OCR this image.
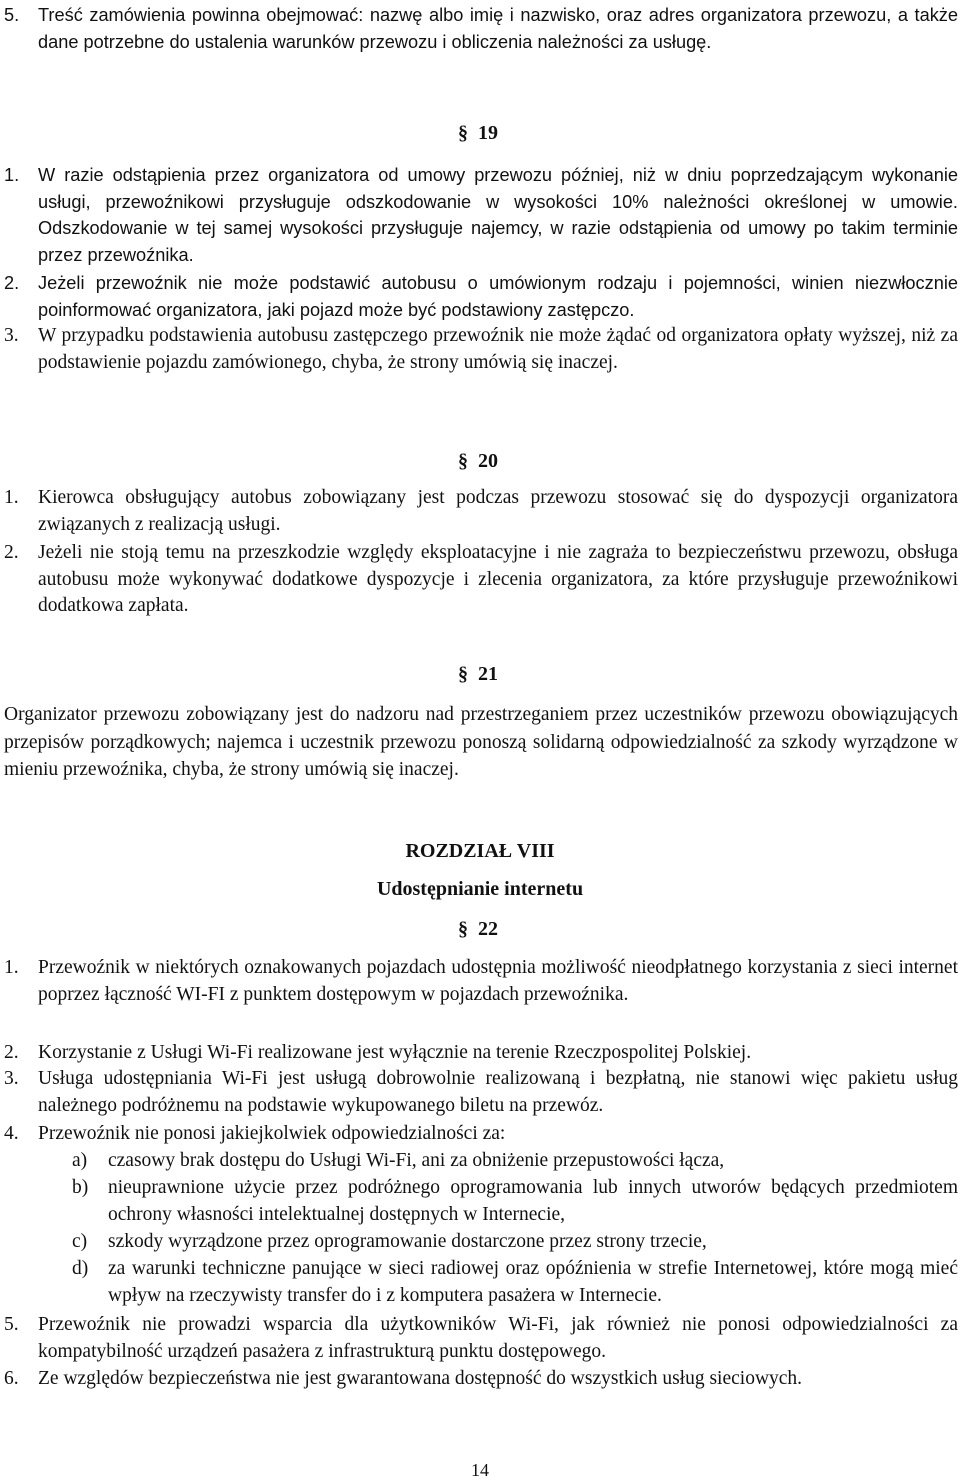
5. Treść zamówienia powinna obejmować: nazwę albo imię i nazwisko, oraz adres organizatora przewozu, a także dane potrzebne do ustalenia warunków przewozu i obliczenia należności za usługę.
§ 19
1. W razie odstąpienia przez organizatora od umowy przewozu później, niż w dniu poprzedzającym wykonanie usługi, przewoźnikowi przysługuje odszkodowanie w wysokości 10% należności określonej w umowie. Odszkodowanie w tej samej wysokości przysługuje najemcy, w razie odstąpienia od umowy po takim terminie przez przewoźnika.
2. Jeżeli przewoźnik nie może podstawić autobusu o umówionym rodzaju i pojemności, winien niezwłocznie poinformować organizatora, jaki pojazd może być podstawiony zastępczo.
3. W przypadku podstawienia autobusu zastępczego przewoźnik nie może żądać od organizatora opłaty wyższej, niż za podstawienie pojazdu zamówionego, chyba, że strony umówią się inaczej.
§ 20
1. Kierowca obsługujący autobus zobowiązany jest podczas przewozu stosować się do dyspozycji organizatora związanych z realizacją usługi.
2. Jeżeli nie stoją temu na przeszkodzie względy eksploatacyjne i nie zagraża to bezpieczeństwu przewozu, obsługa autobusu może wykonywać dodatkowe dyspozycje i zlecenia organizatora, za które przysługuje przewoźnikowi dodatkowa zapłata.
§ 21
Organizator przewozu zobowiązany jest do nadzoru nad przestrzeganiem przez uczestników przewozu obowiązujących przepisów porządkowych; najemca i uczestnik przewozu ponoszą solidarną odpowiedzialność za szkody wyrządzone w mieniu przewoźnika, chyba, że strony umówią się inaczej.
ROZDZIAŁ VIII
Udostępnianie internetu
§ 22
1. Przewoźnik w niektórych oznakowanych pojazdach udostępnia możliwość nieodpłatnego korzystania z sieci internet poprzez łączność WI-FI z punktem dostępowym w pojazdach przewoźnika.
2. Korzystanie z Usługi Wi-Fi realizowane jest wyłącznie na terenie Rzeczpospolitej Polskiej.
3. Usługa udostępniania Wi-Fi jest usługą dobrowolnie realizowaną i bezpłatną, nie stanowi więc pakietu usług należnego podróżnemu na podstawie wykupowanego biletu na przewóz.
4. Przewoźnik nie ponosi jakiejkolwiek odpowiedzialności za:
a) czasowy brak dostępu do Usługi Wi-Fi, ani za obniżenie przepustowości łącza,
b) nieuprawnione użycie przez podróżnego oprogramowania lub innych utworów będących przedmiotem ochrony własności intelektualnej dostępnych w Internecie,
c) szkody wyrządzone przez oprogramowanie dostarczone przez strony trzecie,
d) za warunki techniczne panujące w sieci radiowej oraz opóźnienia w strefie Internetowej, które mogą mieć wpływ na rzeczywisty transfer do i z komputera pasażera w Internecie.
5. Przewoźnik nie prowadzi wsparcia dla użytkowników Wi-Fi, jak również nie ponosi odpowiedzialności za kompatybilność urządzeń pasażera z infrastrukturą punktu dostępowego.
6. Ze względów bezpieczeństwa nie jest gwarantowana dostępność do wszystkich usług sieciowych.
14
